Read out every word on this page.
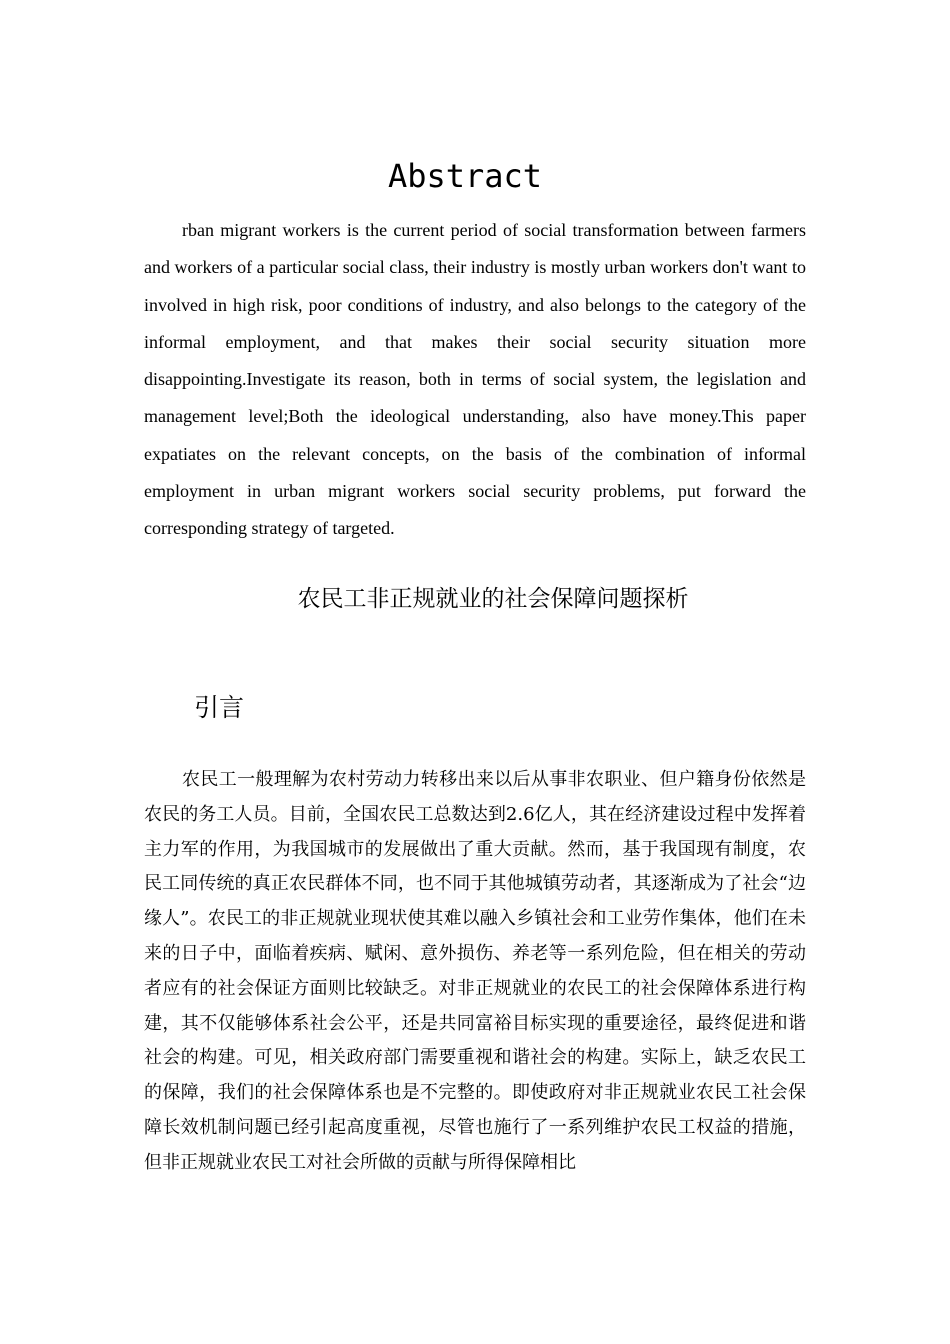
Abstract

rban migrant workers is the current period of social transformation between farmers and workers of a particular social class, their industry is mostly urban workers don't want to involved in high risk, poor conditions of industry, and also belongs to the category of the informal employment, and that makes their social security situation more disappointing.Investigate its reason, both in terms of social system, the legislation and management level;Both the ideological understanding, also have money.This paper expatiates on the relevant concepts, on the basis of the combination of informal employment in urban migrant workers social security problems, put forward the corresponding strategy of targeted.

农民工非正规就业的社会保障问题探析
引言

农民工一般理解为农村劳动力转移出来以后从事非农职业、但户籍身份依然是农民的务工人员。目前，全国农民工总数达到2.6亿人，其在经济建设过程中发挥着主力军的作用，为我国城市的发展做出了重大贡献。然而，基于我国现有制度，农民工同传统的真正农民群体不同，也不同于其他城镇劳动者，其逐渐成为了社会“边缘人”。农民工的非正规就业现状使其难以融入乡镇社会和工业劳作集体，他们在未来的日子中，面临着疾病、赋闲、意外损伤、养老等一系列危险，但在相关的劳动者应有的社会保证方面则比较缺乏。对非正规就业的农民工的社会保障体系进行构建，其不仅能够体系社会公平，还是共同富裕目标实现的重要途径，最终促进和谐社会的构建。可见，相关政府部门需要重视和谐社会的构建。实际上，缺乏农民工的保障，我们的社会保障体系也是不完整的。即使政府对非正规就业农民工社会保障长效机制问题已经引起高度重视，尽管也施行了一系列维护农民工权益的措施，但非正规就业农民工对社会所做的贡献与所得保障相比
